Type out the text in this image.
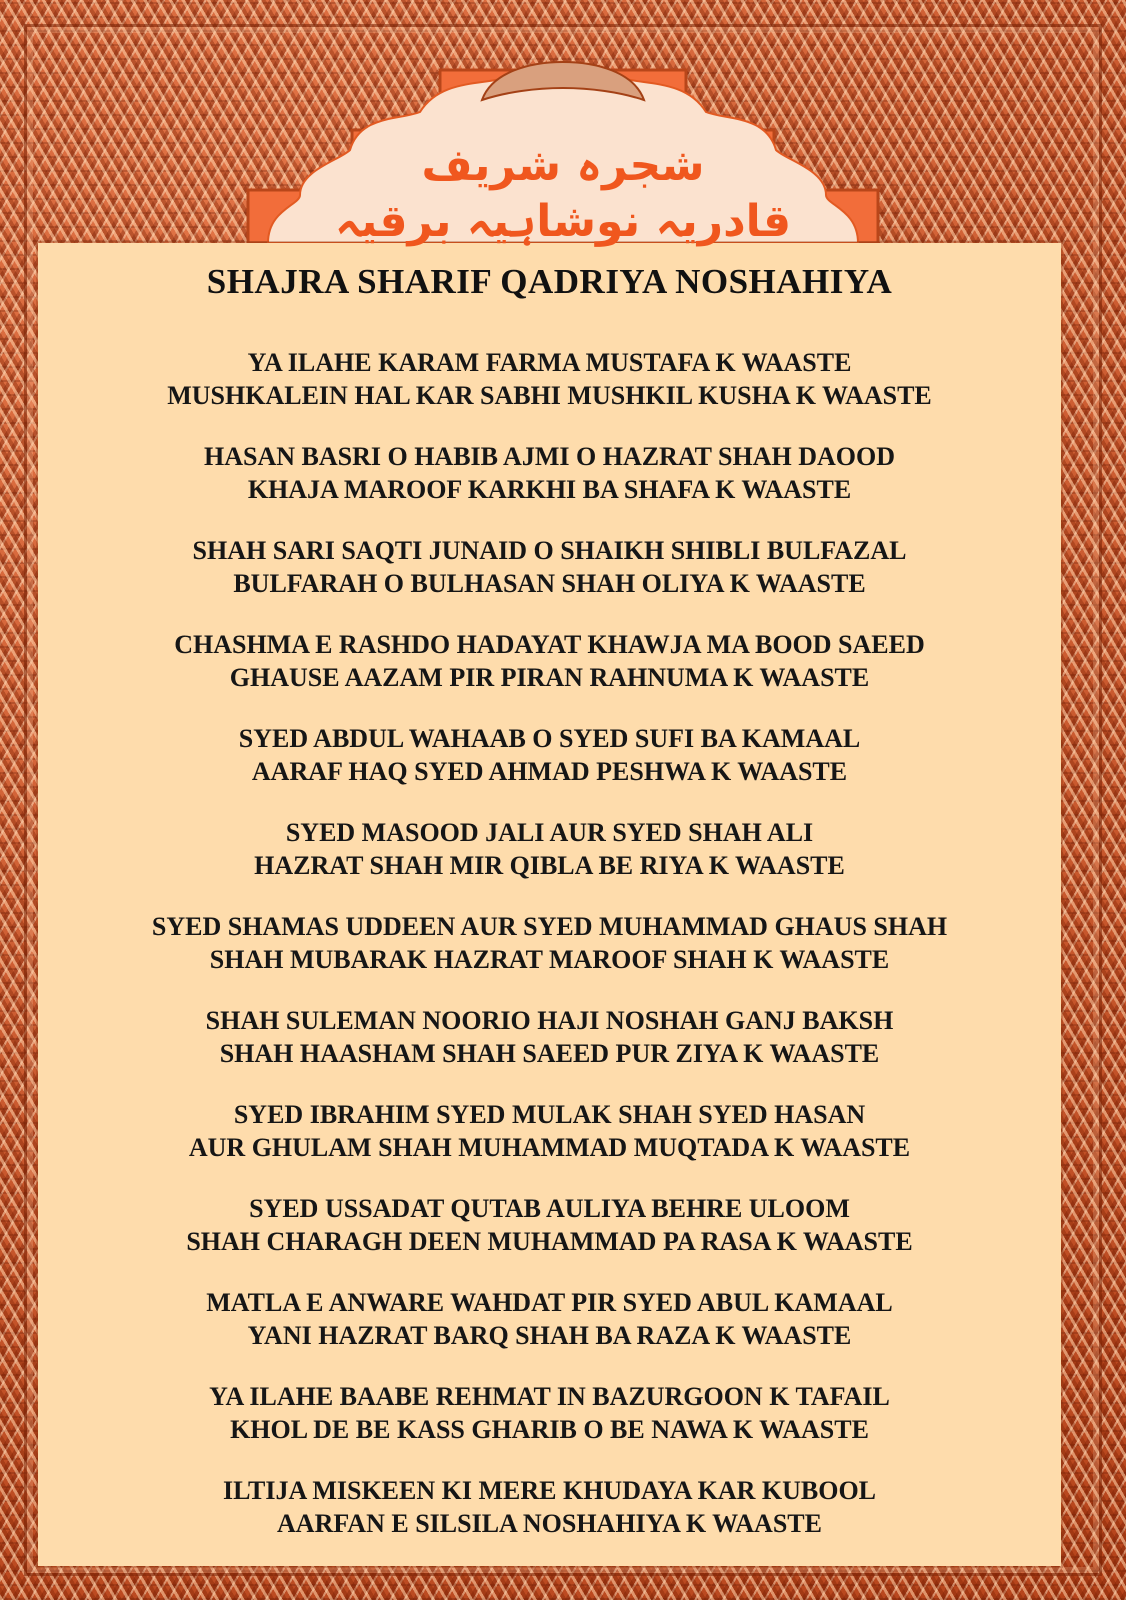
شجرہ شریف
قادریہ نوشاہیہ برقیہ
SHAJRA SHARIF QADRIYA NOSHAHIYA
YA ILAHE KARAM FARMA MUSTAFA K WAASTE
MUSHKALEIN HAL KAR SABHI MUSHKIL KUSHA K WAASTE
HASAN BASRI O HABIB AJMI O HAZRAT SHAH DAOOD
KHAJA MAROOF KARKHI BA SHAFA K WAASTE
SHAH SARI SAQTI JUNAID O SHAIKH SHIBLI BULFAZAL
BULFARAH O BULHASAN SHAH OLIYA K WAASTE
CHASHMA E RASHDO HADAYAT KHAWJA MA BOOD SAEED
GHAUSE AAZAM PIR PIRAN RAHNUMA K WAASTE
SYED ABDUL WAHAAB O SYED SUFI BA KAMAAL
AARAF HAQ SYED AHMAD PESHWA K WAASTE
SYED MASOOD JALI AUR SYED SHAH ALI
HAZRAT SHAH MIR QIBLA BE RIYA K WAASTE
SYED SHAMAS UDDEEN AUR SYED MUHAMMAD GHAUS SHAH
SHAH MUBARAK HAZRAT MAROOF SHAH K WAASTE
SHAH SULEMAN NOORIO HAJI NOSHAH GANJ BAKSH
SHAH HAASHAM SHAH SAEED PUR ZIYA K WAASTE
SYED IBRAHIM SYED MULAK SHAH SYED HASAN
AUR GHULAM SHAH MUHAMMAD MUQTADA K WAASTE
SYED USSADAT QUTAB AULIYA BEHRE ULOOM
SHAH CHARAGH DEEN MUHAMMAD PA RASA K WAASTE
MATLA E ANWARE WAHDAT PIR SYED ABUL KAMAAL
YANI HAZRAT BARQ SHAH BA RAZA K WAASTE
YA ILAHE BAABE REHMAT IN BAZURGOON K TAFAIL
KHOL DE BE KASS GHARIB O BE NAWA K WAASTE
ILTIJA MISKEEN KI MERE KHUDAYA KAR KUBOOL
AARFAN E SILSILA NOSHAHIYA K WAASTE
